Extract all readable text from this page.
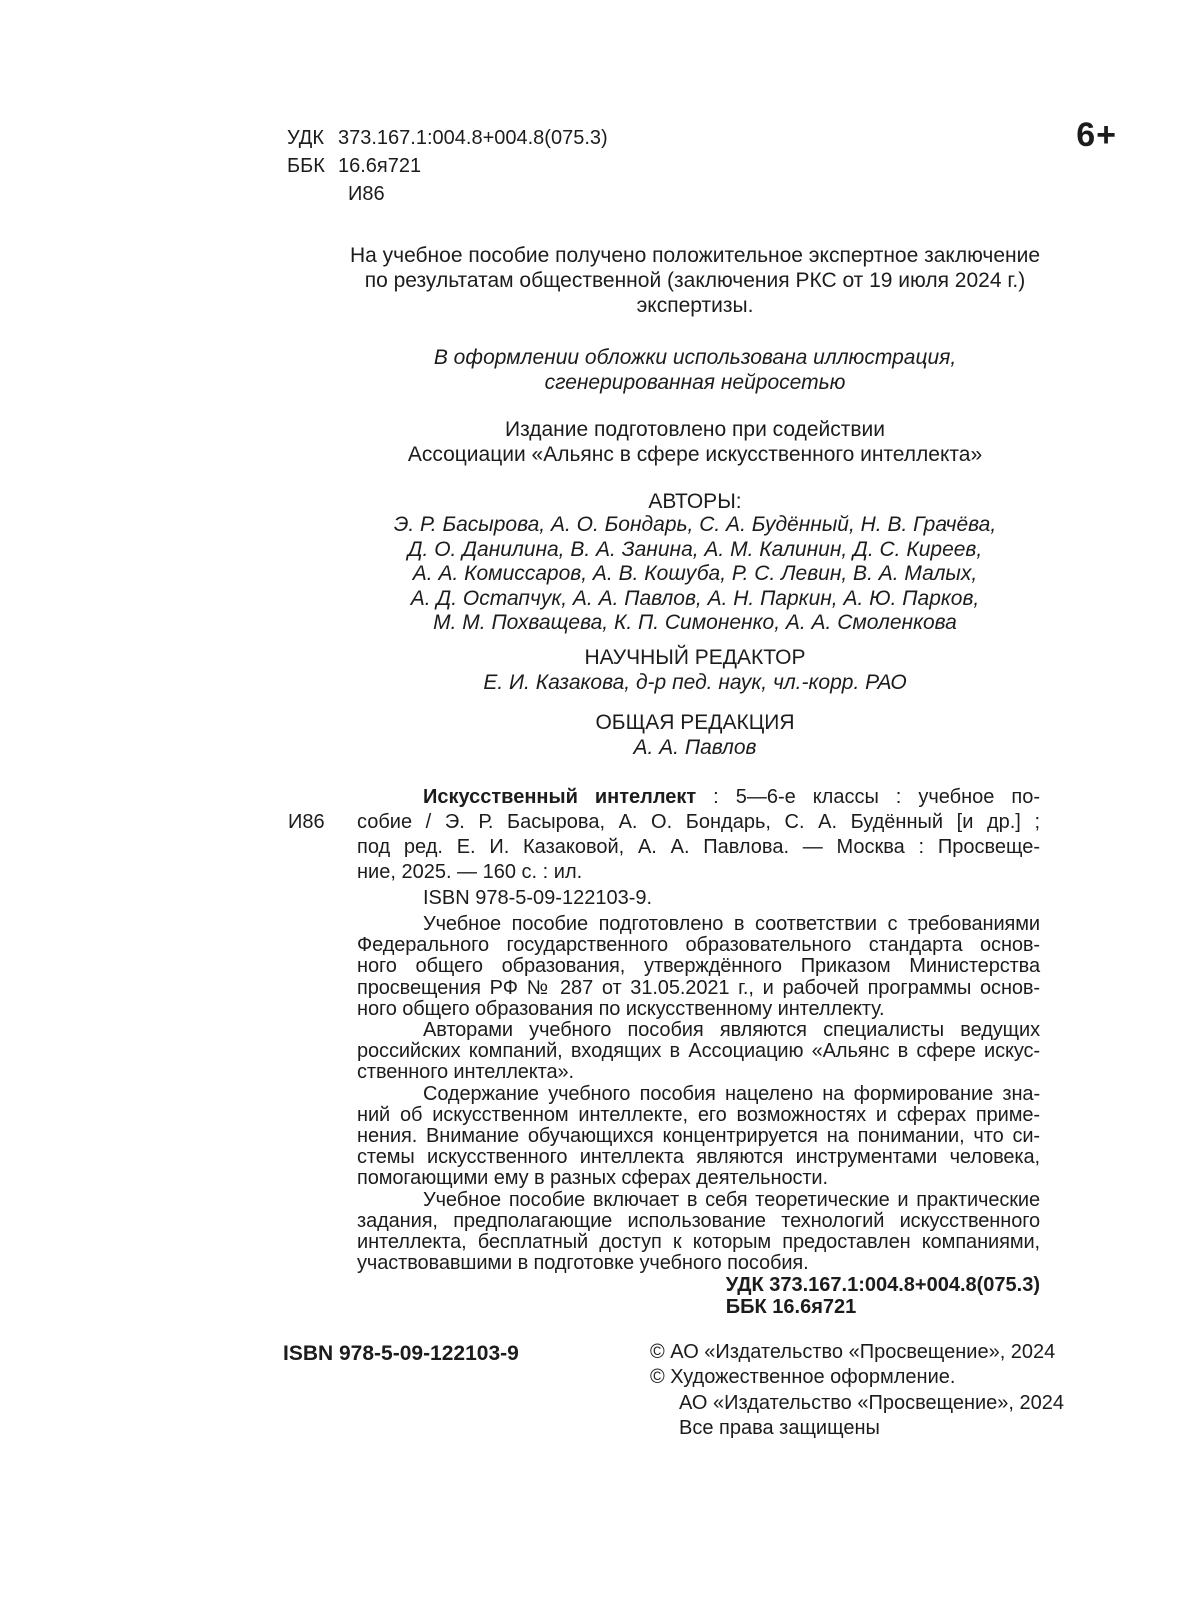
УДК 373.167.1:004.8+004.8(075.3)
ББК 16.6я721
И86
6+
На учебное пособие получено положительное экспертное заключение
по результатам общественной (заключения РКС от 19 июля 2024 г.)
экспертизы.
В оформлении обложки использована иллюстрация,
сгенерированная нейросетью
Издание подготовлено при содействии
Ассоциации «Альянс в сфере искусственного интеллекта»
АВТОРЫ:
Э. Р. Басырова, А. О. Бондарь, С. А. Будённый, Н. В. Грачёва,
Д. О. Данилина, В. А. Занина, А. М. Калинин, Д. С. Киреев,
А. А. Комиссаров, А. В. Кошуба, Р. С. Левин, В. А. Малых,
А. Д. Остапчук, А. А. Павлов, А. Н. Паркин, А. Ю. Парков,
М. М. Похващева, К. П. Симоненко, А. А. Смоленкова
НАУЧНЫЙ РЕДАКТОР
Е. И. Казакова, д-р пед. наук, чл.-корр. РАО
ОБЩАЯ РЕДАКЦИЯ
А. А. Павлов
И86
Искусственный интеллект : 5—6-е классы : учебное по-
собие / Э. Р. Басырова, А. О. Бондарь, С. А. Будённый [и др.] ;
под ред. Е. И. Казаковой, А. А. Павлова. — Москва : Просвеще-
ние, 2025. — 160 с. : ил.
ISBN 978-5-09-122103-9.
Учебное пособие подготовлено в соответствии с требованиями
Федерального государственного образовательного стандарта основ-
ного общего образования, утверждённого Приказом Министерства
просвещения РФ № 287 от 31.05.2021 г., и рабочей программы основ-
ного общего образования по искусственному интеллекту.
Авторами учебного пособия являются специалисты ведущих
российских компаний, входящих в Ассоциацию «Альянс в сфере искус-
ственного интеллекта».
Содержание учебного пособия нацелено на формирование зна-
ний об искусственном интеллекте, его возможностях и сферах приме-
нения. Внимание обучающихся концентрируется на понимании, что си-
стемы искусственного интеллекта являются инструментами человека,
помогающими ему в разных сферах деятельности.
Учебное пособие включает в себя теоретические и практические
задания, предполагающие использование технологий искусственного
интеллекта, бесплатный доступ к которым предоставлен компаниями,
участвовавшими в подготовке учебного пособия.
УДК 373.167.1:004.8+004.8(075.3)
ББК 16.6я721
ISBN 978-5-09-122103-9	© АО «Издательство «Просвещение», 2024
© Художественное оформление.
АО «Издательство «Просвещение», 2024
Все права защищены
